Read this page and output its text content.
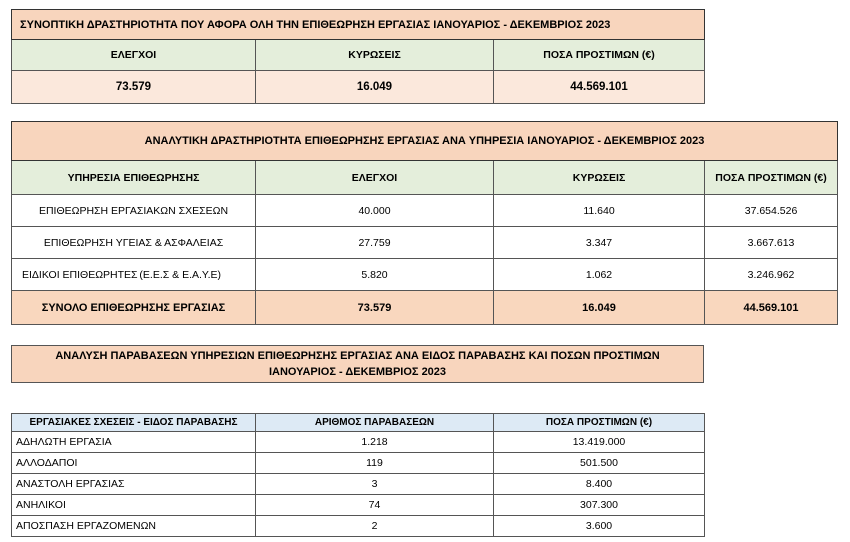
ΣΥΝΟΠΤΙΚΗ ΔΡΑΣΤΗΡΙΟΤΗΤΑ ΠΟΥ ΑΦΟΡΑ ΟΛΗ ΤΗΝ ΕΠΙΘΕΩΡΗΣΗ ΕΡΓΑΣΙΑΣ ΙΑΝΟΥΑΡΙΟΣ - ΔΕΚΕΜΒΡΙΟΣ 2023		
ΕΛΕΓΧΟΙ	ΚΥΡΩΣΕΙΣ	ΠΟΣΑ ΠΡΟΣΤΙΜΩΝ (€)
73.579	16.049	44.569.101
ΑΝΑΛΥΤΙΚΗ ΔΡΑΣΤΗΡΙΟΤΗΤΑ ΕΠΙΘΕΩΡΗΣΗΣ ΕΡΓΑΣΙΑΣ ΑΝΑ ΥΠΗΡΕΣΙΑ ΙΑΝΟΥΑΡΙΟΣ - ΔΕΚΕΜΒΡΙΟΣ 2023			
ΥΠΗΡΕΣΙΑ ΕΠΙΘΕΩΡΗΣΗΣ	ΕΛΕΓΧΟΙ	ΚΥΡΩΣΕΙΣ	ΠΟΣΑ ΠΡΟΣΤΙΜΩΝ (€)
ΕΠΙΘΕΩΡΗΣΗ ΕΡΓΑΣΙΑΚΩΝ ΣΧΕΣΕΩΝ	40.000	11.640	37.654.526
ΕΠΙΘΕΩΡΗΣΗ ΥΓΕΙΑΣ & ΑΣΦΑΛΕΙΑΣ	27.759	3.347	3.667.613

ΕΙΔΙΚΟΙ ΕΠΙΘΕΩΡΗΤΕΣ (Ε.Ε.Σ & Ε.Α.Υ.Ε)	5.820	1.062	3.246.962
ΣΥΝΟΛΟ ΕΠΙΘΕΩΡΗΣΗΣ ΕΡΓΑΣΙΑΣ	73.579	16.049	44.569.101
ΑΝΑΛΥΣΗ ΠΑΡΑΒΑΣΕΩΝ ΥΠΗΡΕΣΙΩΝ ΕΠΙΘΕΩΡΗΣΗΣ ΕΡΓΑΣΙΑΣ ΑΝΑ ΕΙΔΟΣ ΠΑΡΑΒΑΣΗΣ ΚΑΙ ΠΟΣΩΝ ΠΡΟΣΤΙΜΩΝ
ΙΑΝΟΥΑΡΙΟΣ - ΔΕΚΕΜΒΡΙΟΣ 2023
ΕΡΓΑΣΙΑΚΕΣ ΣΧΕΣΕΙΣ - ΕΙΔΟΣ ΠΑΡΑΒΑΣΗΣ	ΑΡΙΘΜΟΣ ΠΑΡΑΒΑΣΕΩΝ	ΠΟΣΑ ΠΡΟΣΤΙΜΩΝ (€)
ΑΔΗΛΩΤΗ ΕΡΓΑΣΙΑ	1.218	13.419.000
ΑΛΛΟΔΑΠΟΙ	119	501.500
ΑΝΑΣΤΟΛΗ ΕΡΓΑΣΙΑΣ	3	8.400
ΑΝΗΛΙΚΟΙ	74	307.300
ΑΠΟΣΠΑΣΗ ΕΡΓΑΖΟΜΕΝΩΝ	2	3.600
